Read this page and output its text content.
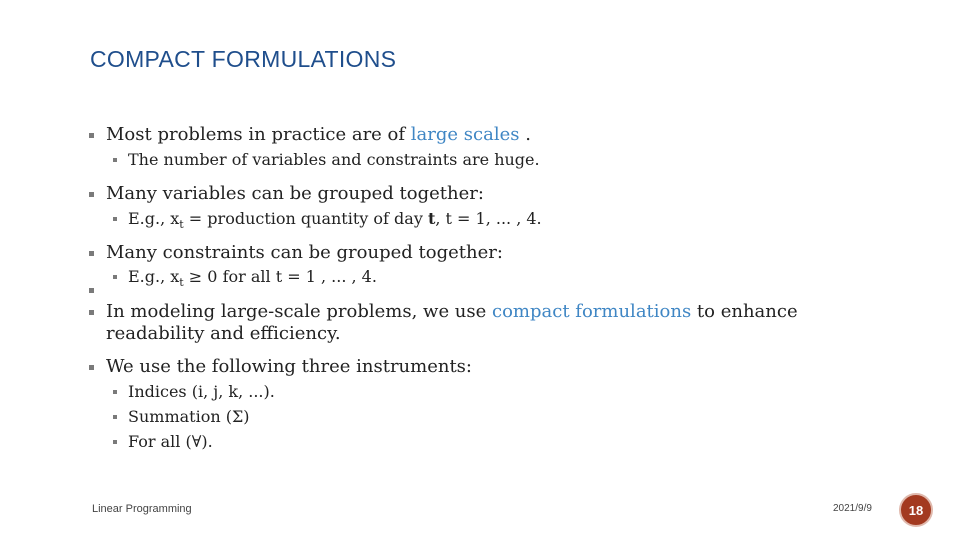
COMPACT FORMULATIONS
Most problems in practice are of large scales .
The number of variables and constraints are huge.
Many variables can be grouped together:
E.g., $x_t$ = production quantity of day t, t = 1, ... , 4.
Many constraints can be grouped together:
E.g., $x_t \ge 0$ for all t = 1 , ... , 4.
In modeling large-scale problems, we use compact formulations to enhance
readability and efficiency.
We use the following three instruments:
Indices (i, j, k, ...).
Summation (Σ)
For all (∀).
Linear Programming	2021/9/9	18
